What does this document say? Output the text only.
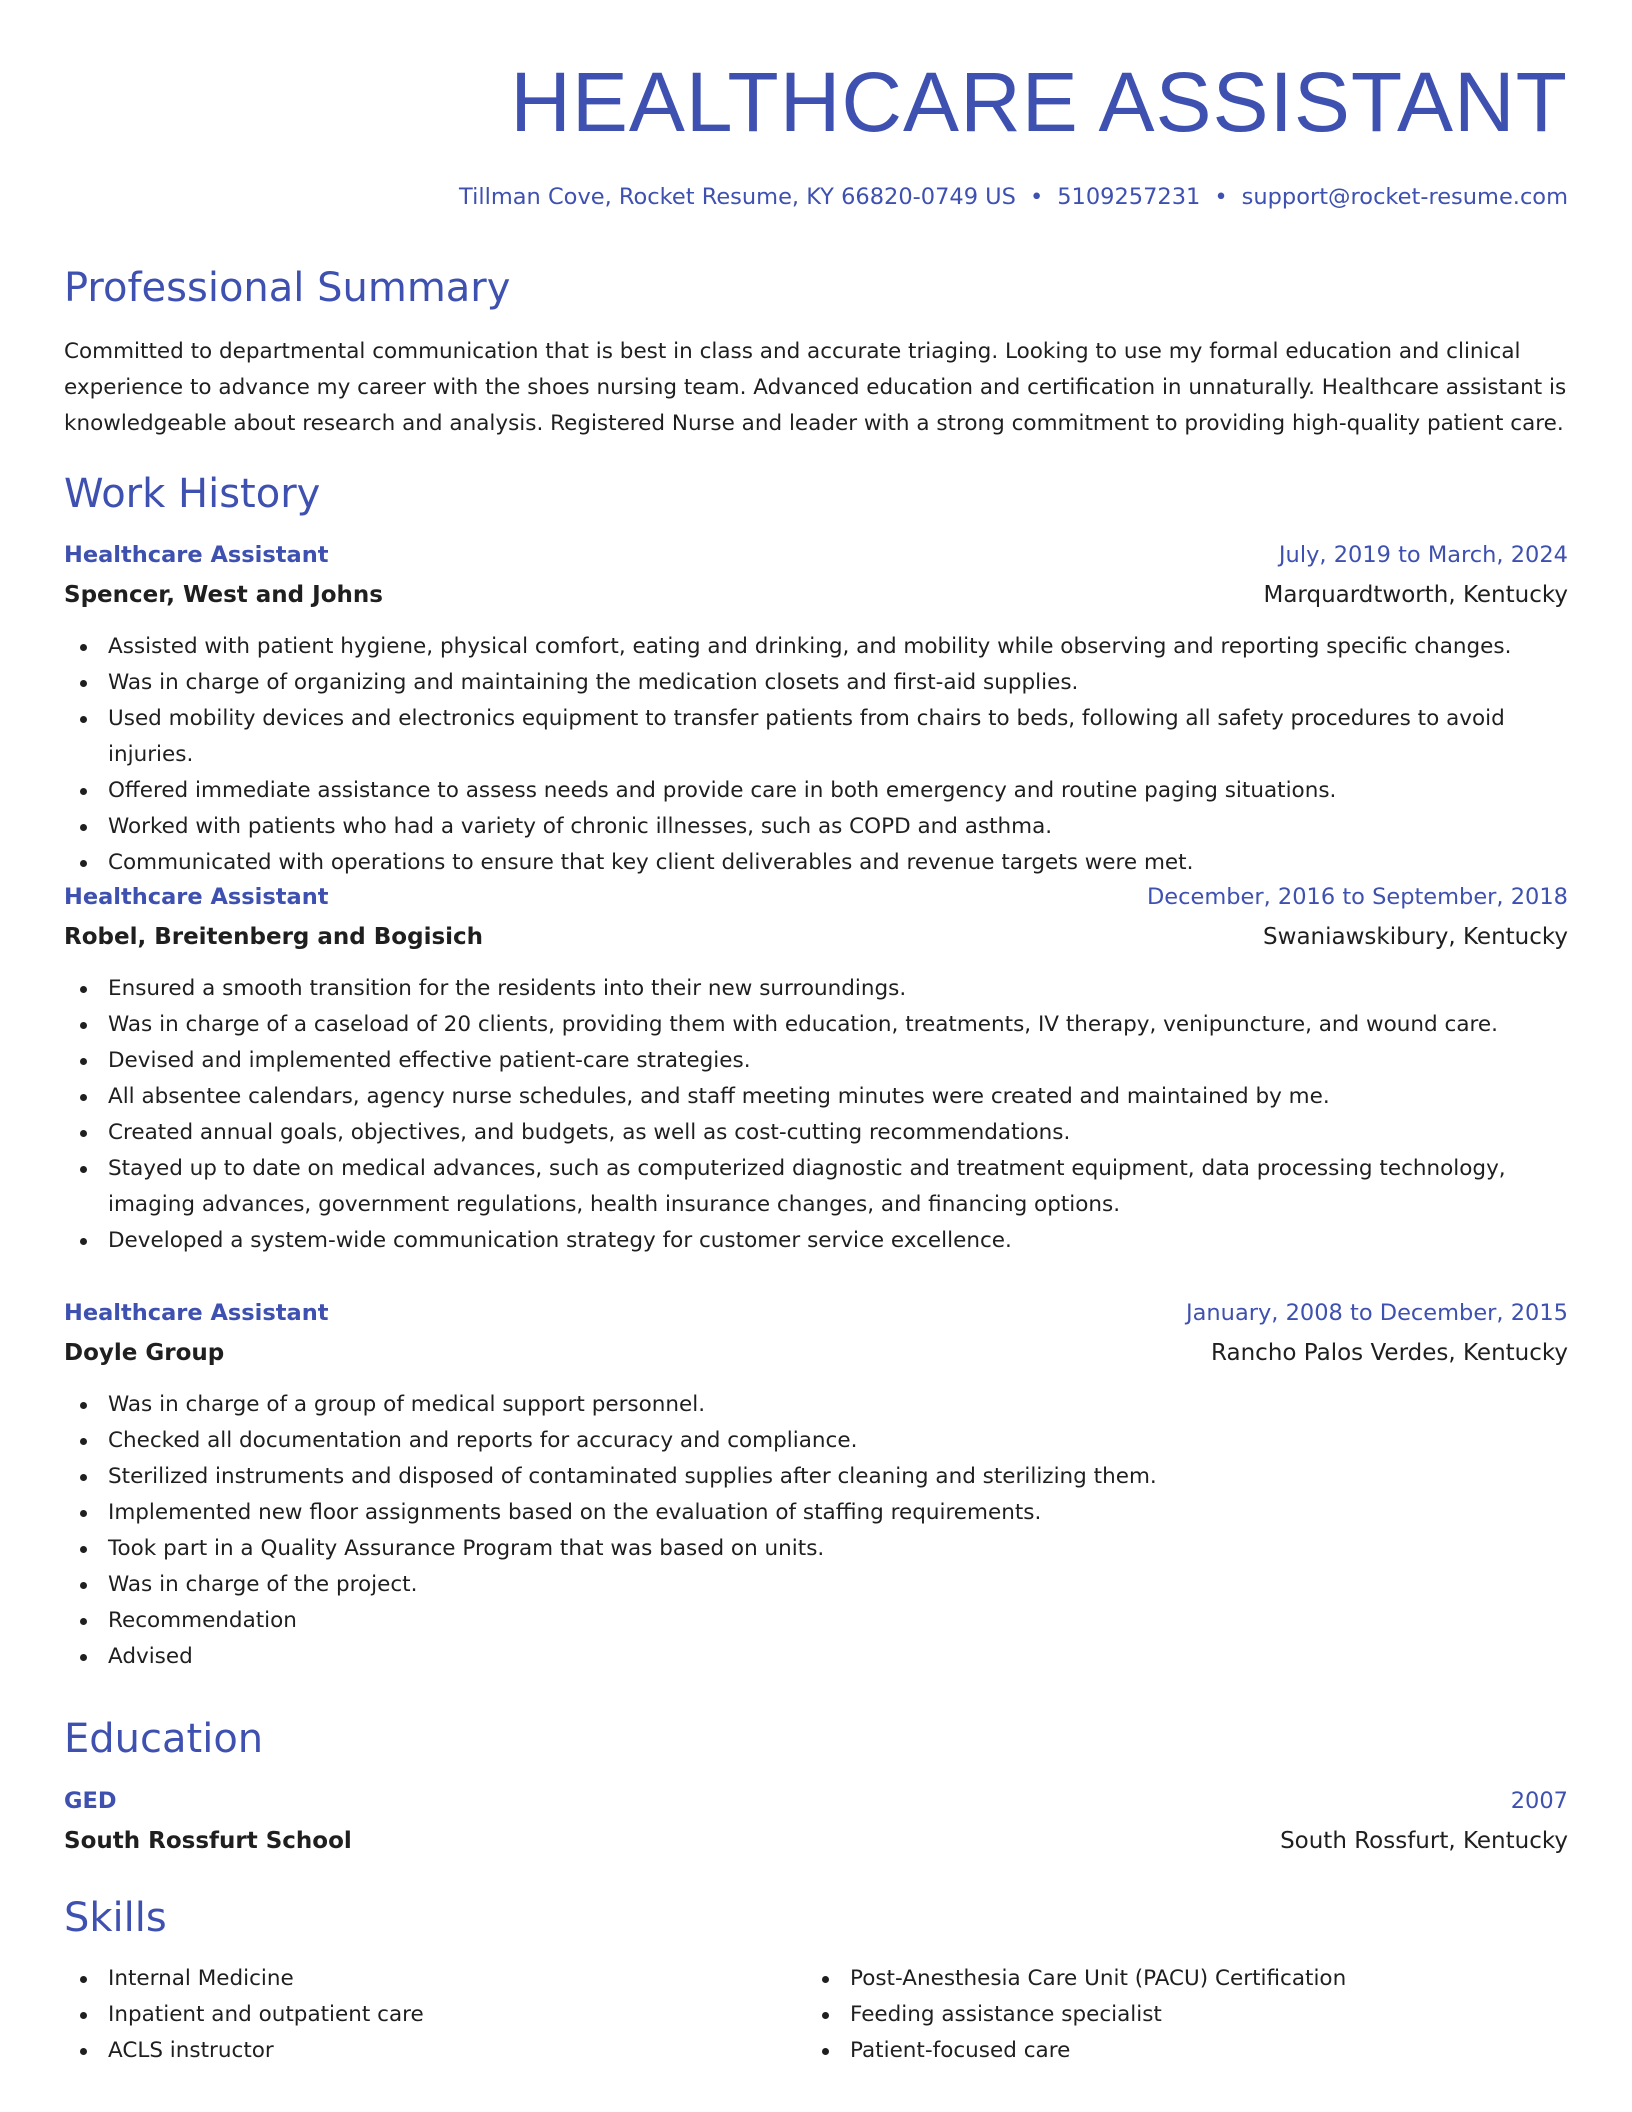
HEALTHCARE ASSISTANT
Tillman Cove, Rocket Resume, KY 66820-0749 US • 5109257231 • support@rocket-resume.com
Professional Summary
Committed to departmental communication that is best in class and accurate triaging. Looking to use my formal education and clinical experience to advance my career with the shoes nursing team. Advanced education and certification in unnaturally. Healthcare assistant is knowledgeable about research and analysis. Registered Nurse and leader with a strong commitment to providing high-quality patient care.
Work History
Healthcare Assistant	July, 2019 to March, 2024
Spencer, West and Johns	Marquardtworth, Kentucky
Assisted with patient hygiene, physical comfort, eating and drinking, and mobility while observing and reporting specific changes.
Was in charge of organizing and maintaining the medication closets and first-aid supplies.
Used mobility devices and electronics equipment to transfer patients from chairs to beds, following all safety procedures to avoid injuries.
Offered immediate assistance to assess needs and provide care in both emergency and routine paging situations.
Worked with patients who had a variety of chronic illnesses, such as COPD and asthma.
Communicated with operations to ensure that key client deliverables and revenue targets were met.
Healthcare Assistant	December, 2016 to September, 2018
Robel, Breitenberg and Bogisich	Swaniawskibury, Kentucky
Ensured a smooth transition for the residents into their new surroundings.
Was in charge of a caseload of 20 clients, providing them with education, treatments, IV therapy, venipuncture, and wound care.
Devised and implemented effective patient-care strategies.
All absentee calendars, agency nurse schedules, and staff meeting minutes were created and maintained by me.
Created annual goals, objectives, and budgets, as well as cost-cutting recommendations.
Stayed up to date on medical advances, such as computerized diagnostic and treatment equipment, data processing technology, imaging advances, government regulations, health insurance changes, and financing options.
Developed a system-wide communication strategy for customer service excellence.
Healthcare Assistant	January, 2008 to December, 2015
Doyle Group	Rancho Palos Verdes, Kentucky
Was in charge of a group of medical support personnel.
Checked all documentation and reports for accuracy and compliance.
Sterilized instruments and disposed of contaminated supplies after cleaning and sterilizing them.
Implemented new floor assignments based on the evaluation of staffing requirements.
Took part in a Quality Assurance Program that was based on units.
Was in charge of the project.
Recommendation
Advised
Education
GED	2007
South Rossfurt School	South Rossfurt, Kentucky
Skills
Internal Medicine
Inpatient and outpatient care
ACLS instructor
Post-Anesthesia Care Unit (PACU) Certification
Feeding assistance specialist
Patient-focused care
